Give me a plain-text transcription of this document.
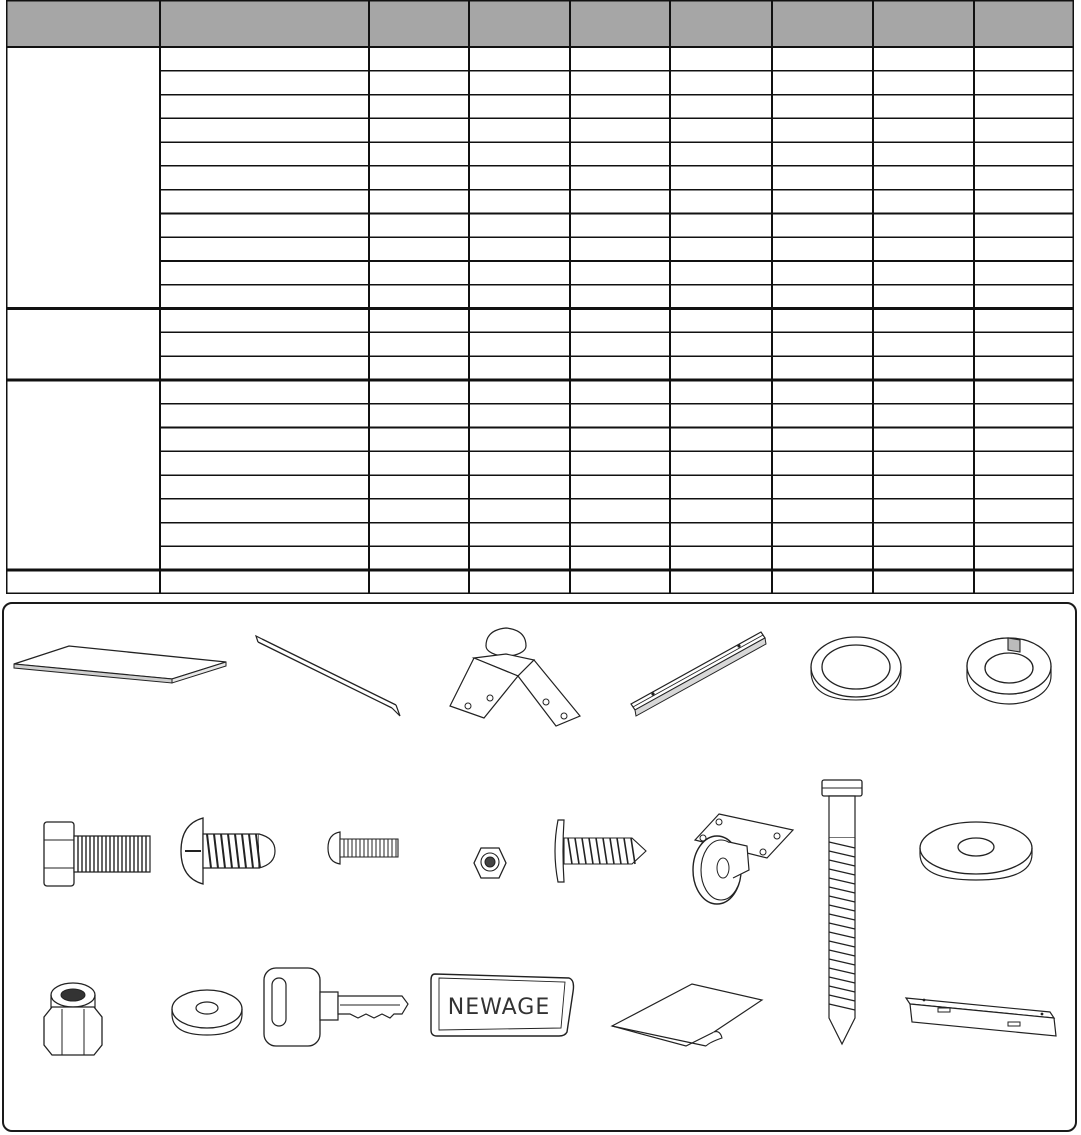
NEWAGE
